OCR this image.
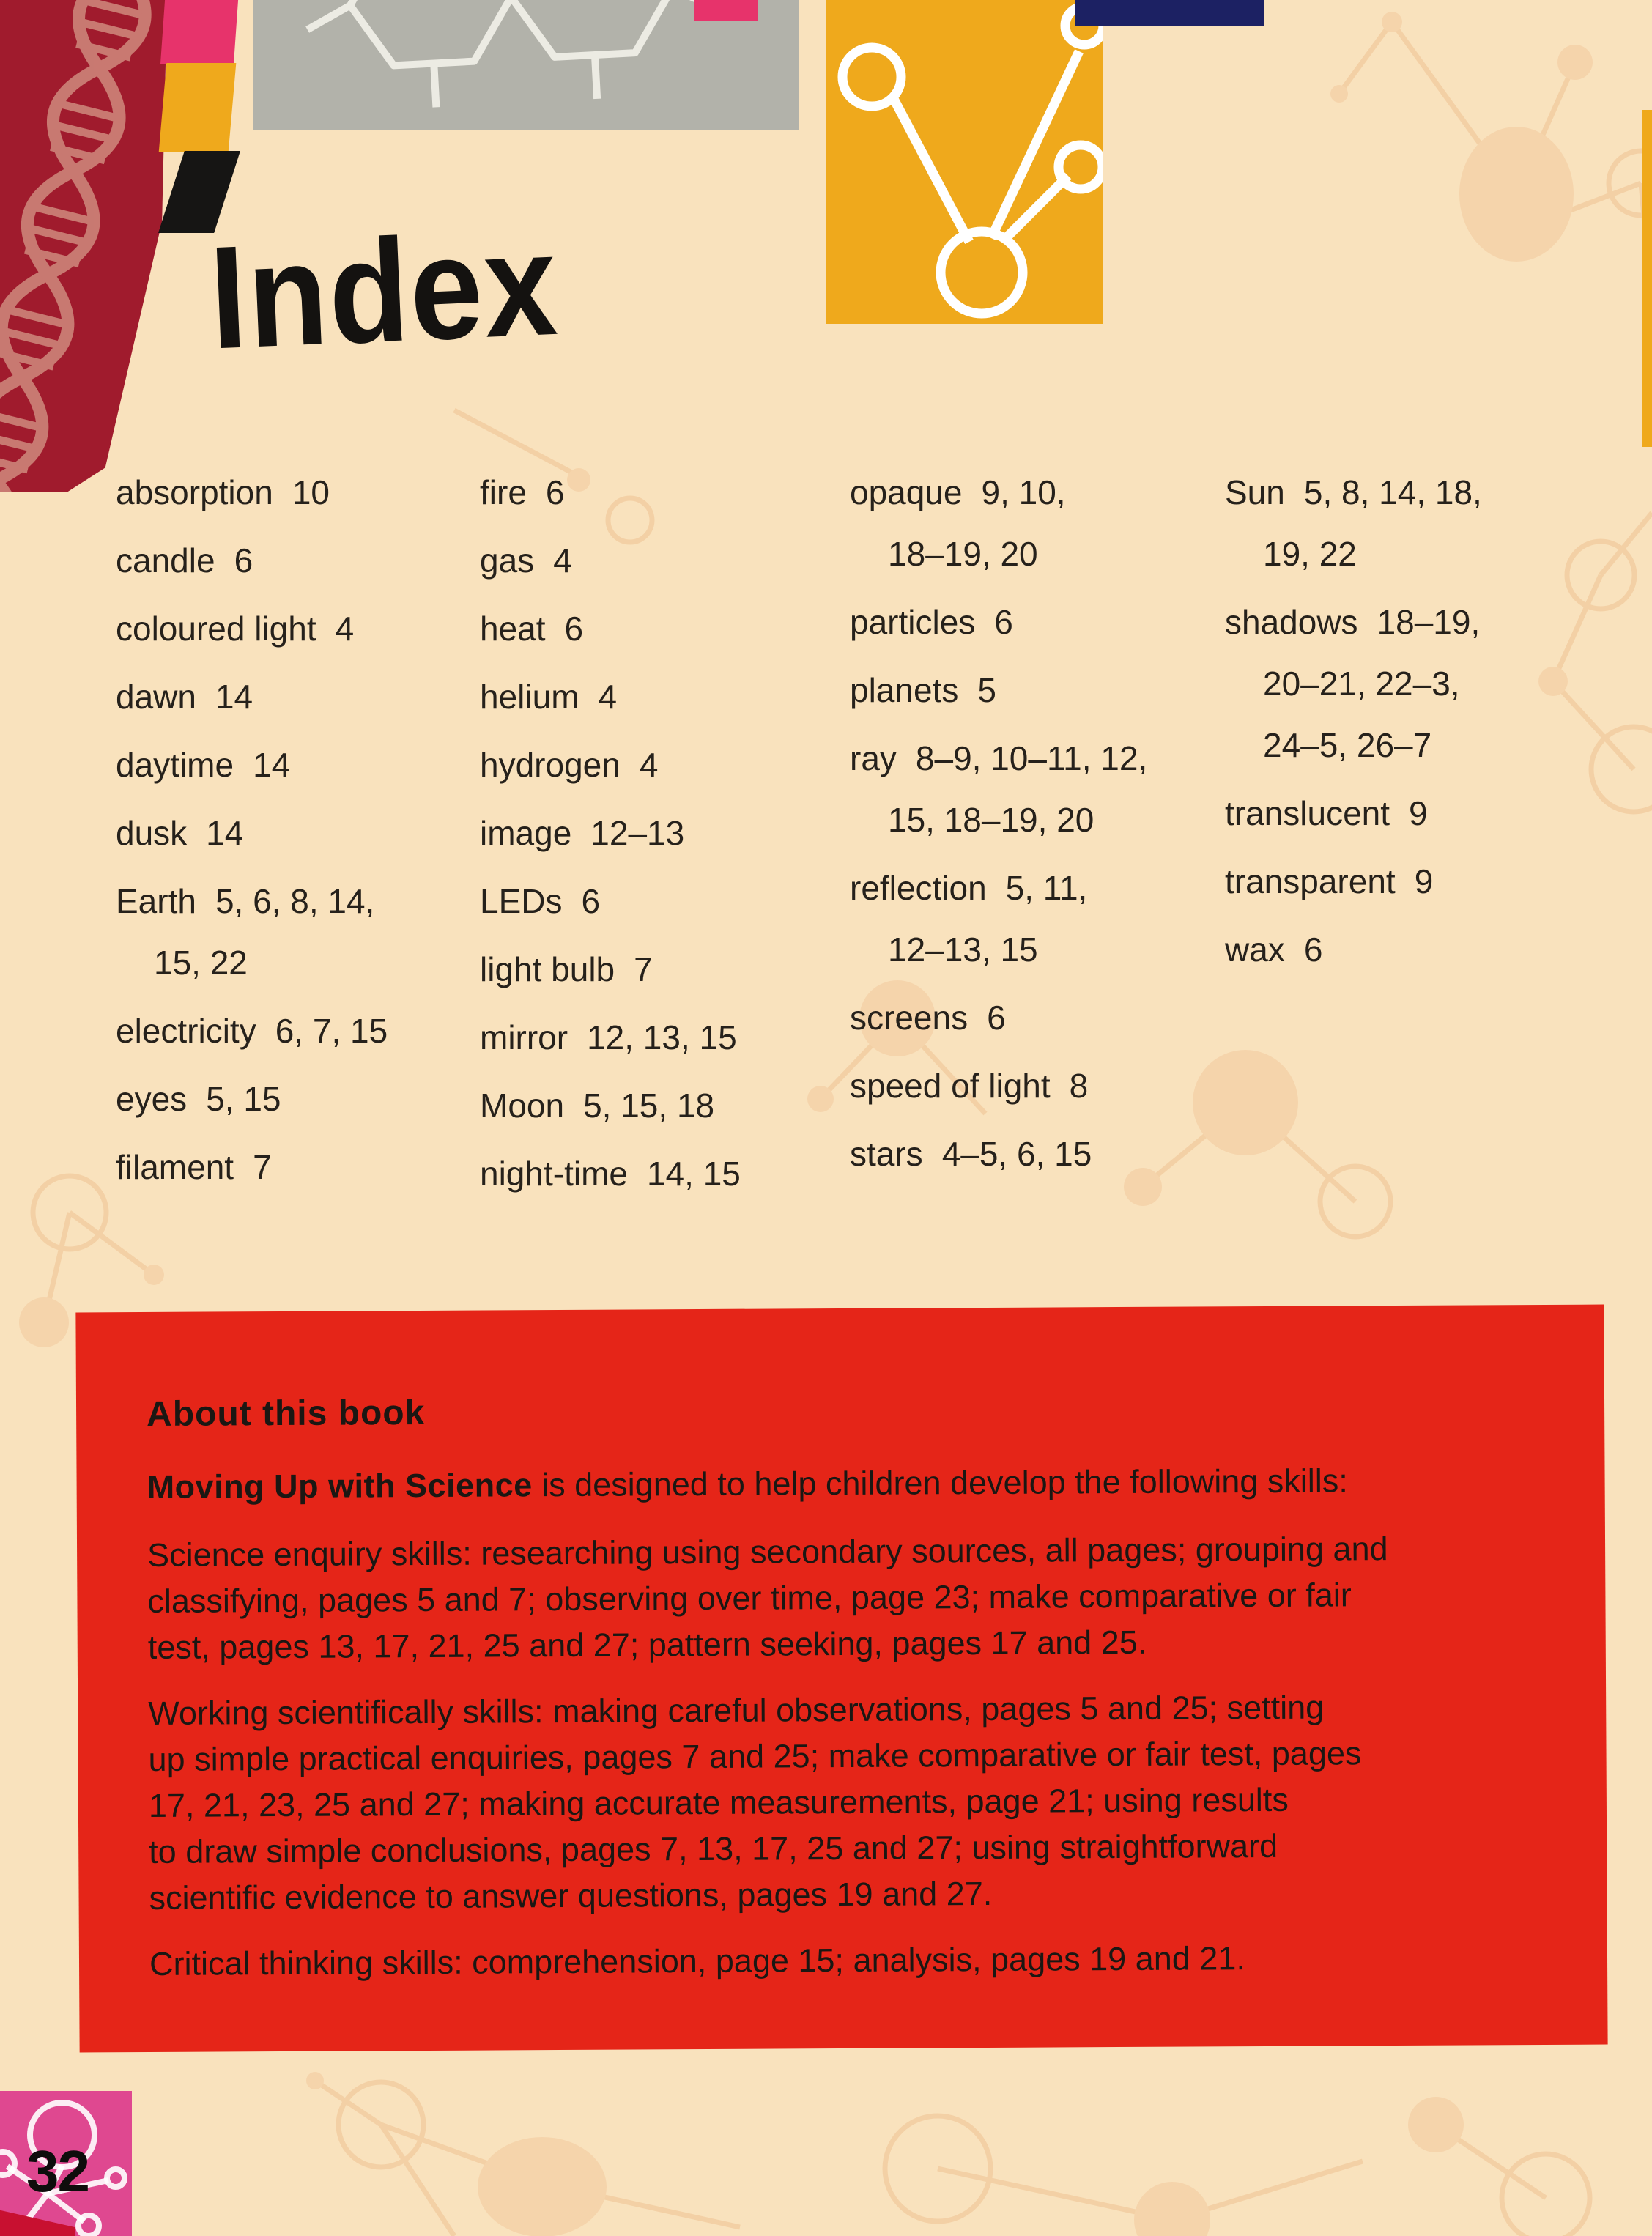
Index
absorption 10
candle 6
coloured light 4
dawn 14
daytime 14
dusk 14
Earth 5, 6, 8, 14,
15, 22
electricity 6, 7, 15
eyes 5, 15
filament 7
fire 6
gas 4
heat 6
helium 4
hydrogen 4
image 12–13
LEDs 6
light bulb 7
mirror 12, 13, 15
Moon 5, 15, 18
night-time 14, 15
opaque 9, 10,
18–19, 20
particles 6
planets 5
ray 8–9, 10–11, 12,
15, 18–19, 20
reflection 5, 11,
12–13, 15
screens 6
speed of light 8
stars 4–5, 6, 15
Sun 5, 8, 14, 18,
19, 22
shadows 18–19,
20–21, 22–3,
24–5, 26–7
translucent 9
transparent 9
wax 6
About this book

Moving Up with Science is designed to help children develop the following skills:

Science enquiry skills: researching using secondary sources, all pages; grouping and
classifying, pages 5 and 7; observing over time, page 23; make comparative or fair
test, pages 13, 17, 21, 25 and 27; pattern seeking, pages 17 and 25.
Working scientifically skills: making careful observations, pages 5 and 25; setting
up simple practical enquiries, pages 7 and 25; make comparative or fair test, pages
17, 21, 23, 25 and 27; making accurate measurements, page 21; using results
to draw simple conclusions, pages 7, 13, 17, 25 and 27; using straightforward
scientific evidence to answer questions, pages 19 and 27.
Critical thinking skills: comprehension, page 15; analysis, pages 19 and 21.
32
